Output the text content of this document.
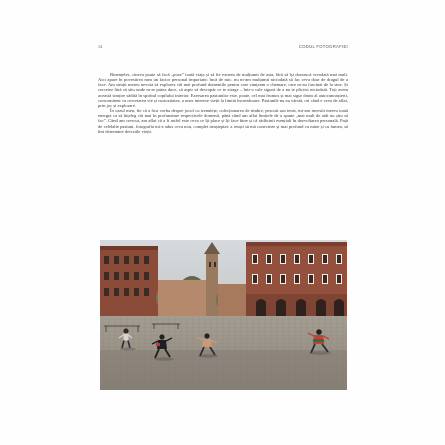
14	CODUL FOTOGRAFIEI

Binențeles, cineva poate să facă „poze” toată viața și să fie extrem de mulțumit de asta, fără să își dorească vreodată mai mult. Aici apare în povestirea mea un factor personal important: încă de mic, nu m-am mulțumit niciodată să fac ceva doar de dragul de a face. Am simțit mereu nevoia să explorez cât mai profund domeniile pentru care simțeam o chemare, care m-au fascinat de la sine. Și cercetez fără să știu unde m-ar putea duce, să aspir să descopăr ce te atrage – într-o cale sigură de a nu te plictisi niciodată. Toți avem această simțire sădită în spiritul copilului interior. Exersarea pasiunilor este, poate, cel mai frumos și mai sigur drum al autocunoașterii, concomitent cu cercetarea vie și curiozitatea, a unor interese vieții la limită încrezătoare. Pasiunile nu au vârstă, ori când e ceva de aflat, prin joc și explorare.

În cazul meu, fie că a fost vorba despre jocul cu trenulețe, colecționarea de timbre, pescuit sau tenis, mi-am investit mereu toată energia ca să înțeleg cât mai în profunzime respectivele domenii, până când am aflat limitele de a spune „mai mult de atât nu știu să fac”. Când am crescut, am aflat că a fi astfel este ceva ce îți place și îți face bine și că rădăcinii esențiali în dezvoltarea personală. Față de celelalte pasiuni, fotografia mi-a adus ceva nou, complet neașteptat: a reușit să mă conecteze și mai profund cu mine și cu lumea, să îmi determine deciziile vieții.
